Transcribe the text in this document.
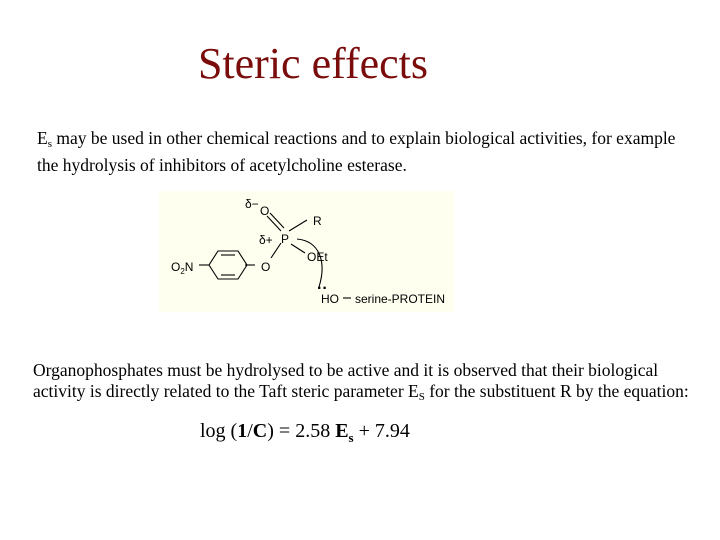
Steric effects
$E_s$ may be used in other chemical reactions and to explain biological activities, for example the hydrolysis of inhibitors of acetylcholine esterase.
δ− O
R
δ+ P
OEt
$O_2N$	O
··
HO serine-PROTEIN
Organophosphates must be hydrolysed to be active and it is observed that their biological activity is directly related to the Taft steric parameter $E_S$ for the substituent R by the equation:
log (1/C) = 2.58 $E_s + 7.94$
